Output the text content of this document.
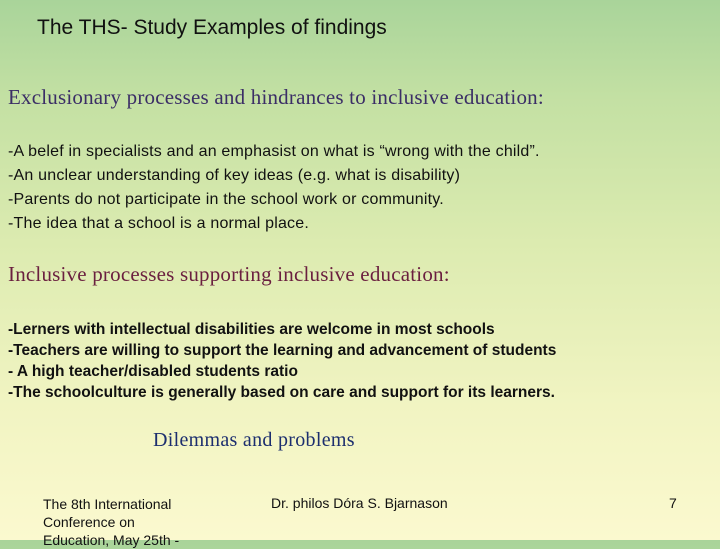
The THS- Study Examples of findings
Exclusionary processes and hindrances to inclusive education:
-A belef in specialists and an emphasist on what is “wrong with the child”.
-An unclear understanding of key ideas (e.g. what is disability)
-Parents do not participate in the school work or community.
-The idea that a school is a normal place.
Inclusive processes supporting inclusive education:
-Lerners with intellectual disabilities are welcome in most schools
-Teachers are willing to support the learning and advancement of students
- A high teacher/disabled students ratio
-The schoolculture is generally based on care and support for its learners.
Dilemmas and problems
The 8th International Conference on Education, May 25th -
Dr. philos Dóra S. Bjarnason	7
